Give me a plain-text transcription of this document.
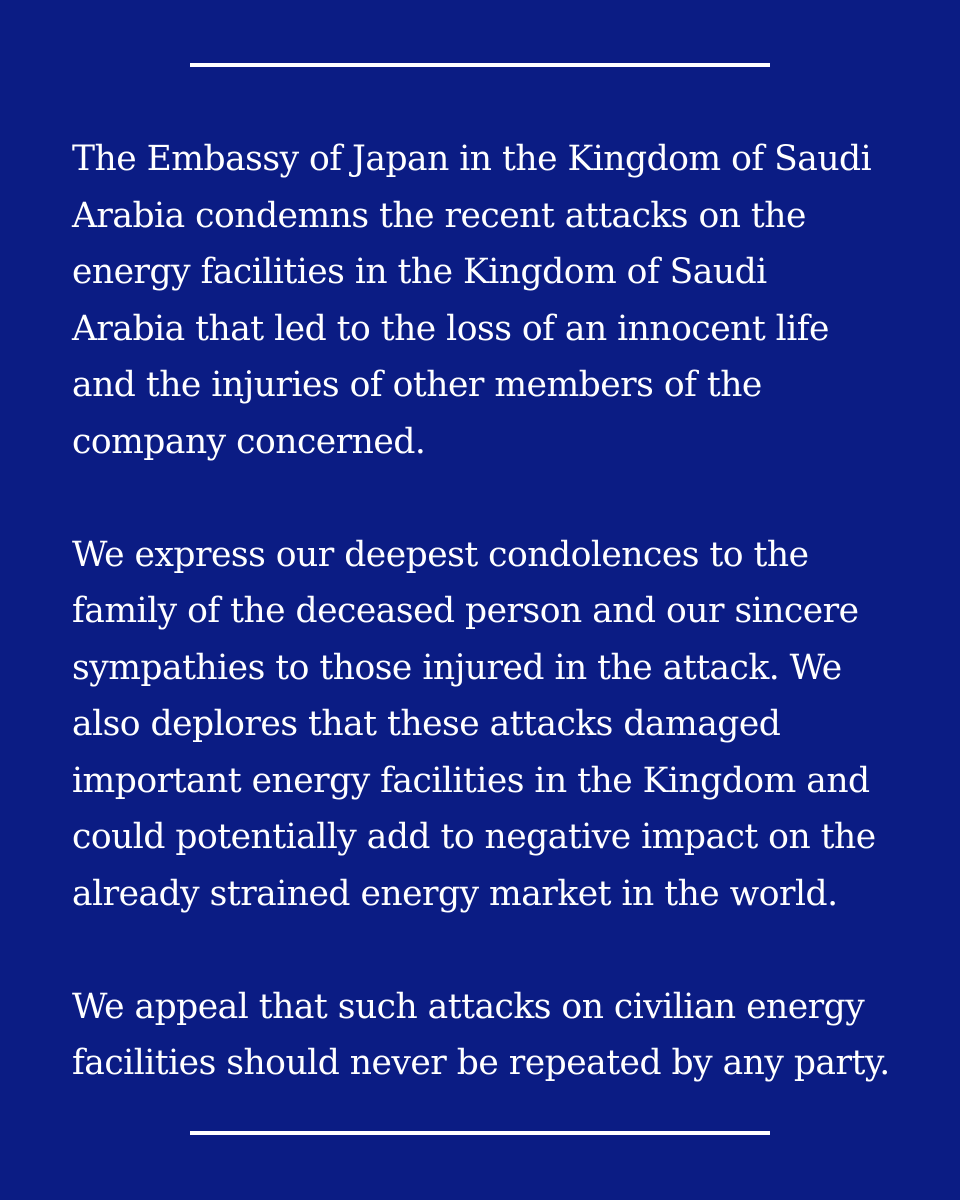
The Embassy of Japan in the Kingdom of Saudi
Arabia condemns the recent attacks on the
energy facilities in the Kingdom of Saudi
Arabia that led to the loss of an innocent life
and the injuries of other members of the
company concerned.

We express our deepest condolences to the
family of the deceased person and our sincere
sympathies to those injured in the attack. We
also deplores that these attacks damaged
important energy facilities in the Kingdom and
could potentially add to negative impact on the
already strained energy market in the world.

We appeal that such attacks on civilian energy
facilities should never be repeated by any party.
